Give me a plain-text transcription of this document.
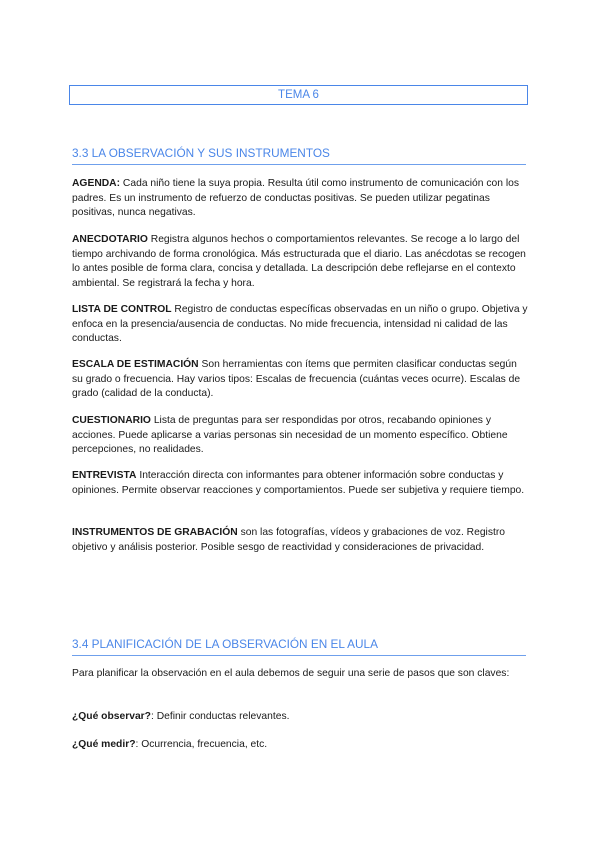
TEMA 6
3.3 LA OBSERVACIÓN Y SUS INSTRUMENTOS
AGENDA: Cada niño tiene la suya propia. Resulta útil como instrumento de comunicación con los padres. Es un instrumento de refuerzo de conductas positivas. Se pueden utilizar pegatinas positivas, nunca negativas.
ANECDOTARIO Registra algunos hechos o comportamientos relevantes. Se recoge a lo largo del tiempo archivando de forma cronológica. Más estructurada que el diario. Las anécdotas se recogen lo antes posible de forma clara, concisa y detallada. La descripción debe reflejarse en el contexto ambiental. Se registrará la fecha y hora.
LISTA DE CONTROL Registro de conductas específicas observadas en un niño o grupo. Objetiva y enfoca en la presencia/ausencia de conductas. No mide frecuencia, intensidad ni calidad de las conductas.
ESCALA DE ESTIMACIÓN Son herramientas con ítems que permiten clasificar conductas según su grado o frecuencia. Hay varios tipos: Escalas de frecuencia (cuántas veces ocurre). Escalas de grado (calidad de la conducta).
CUESTIONARIO Lista de preguntas para ser respondidas por otros, recabando opiniones y acciones. Puede aplicarse a varias personas sin necesidad de un momento específico. Obtiene percepciones, no realidades.
ENTREVISTA Interacción directa con informantes para obtener información sobre conductas y opiniones. Permite observar reacciones y comportamientos. Puede ser subjetiva y requiere tiempo.
INSTRUMENTOS DE GRABACIÓN son las fotografías, vídeos y grabaciones de voz. Registro objetivo y análisis posterior. Posible sesgo de reactividad y consideraciones de privacidad.
3.4 PLANIFICACIÓN DE LA OBSERVACIÓN EN EL AULA
Para planificar la observación en el aula debemos de seguir una serie de pasos que son claves:
¿Qué observar?: Definir conductas relevantes.
¿Qué medir?: Ocurrencia, frecuencia, etc.
